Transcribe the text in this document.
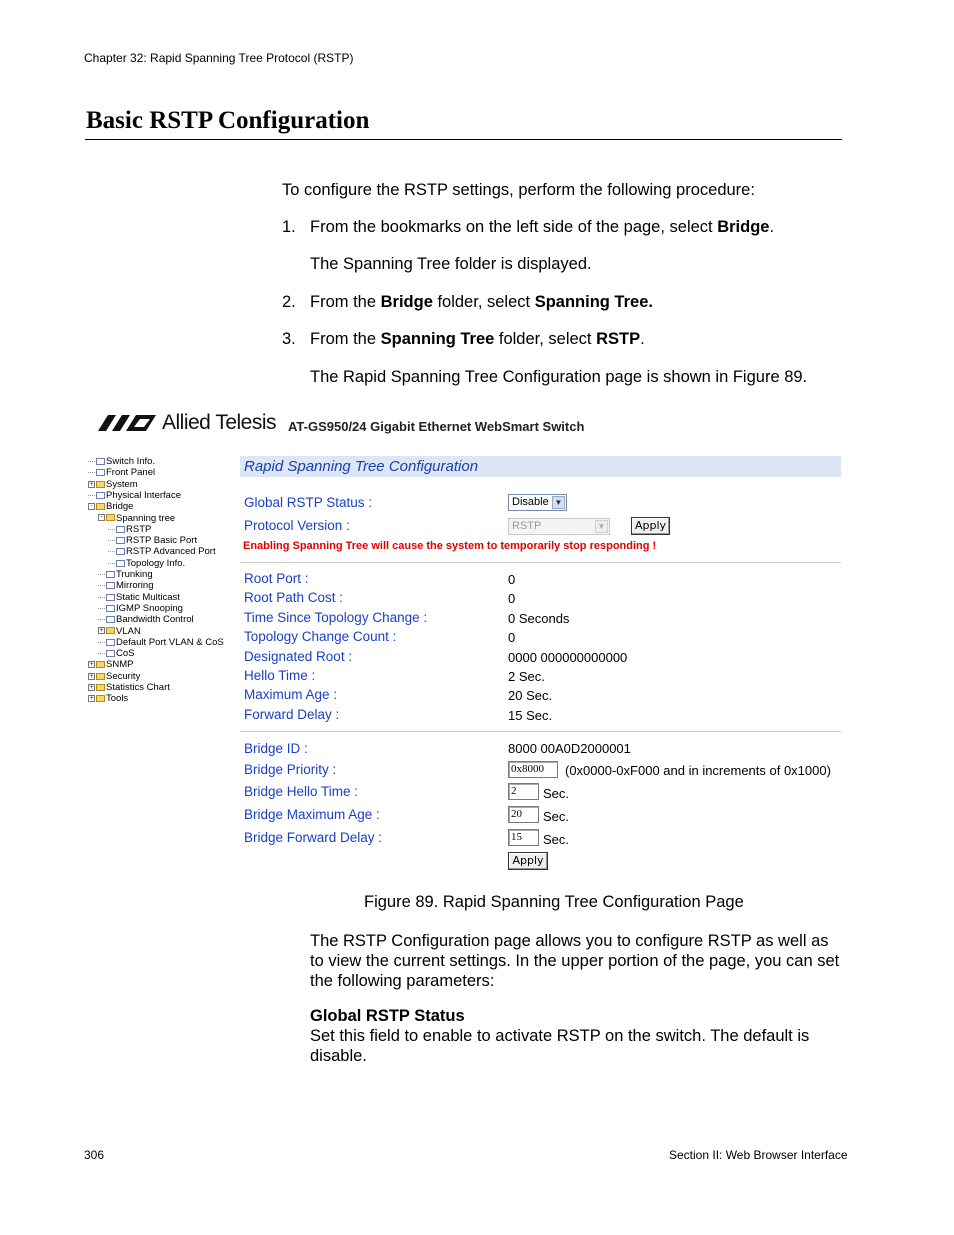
Chapter 32: Rapid Spanning Tree Protocol (RSTP)
Basic RSTP Configuration
To configure the RSTP settings, perform the following procedure:
1. From the bookmarks on the left side of the page, select Bridge.
The Spanning Tree folder is displayed.
2. From the Bridge folder, select Spanning Tree.
3. From the Spanning Tree folder, select RSTP.
The Rapid Spanning Tree Configuration page is shown in Figure 89.
Allied Telesis AT-GS950/24 Gigabit Ethernet WebSmart Switch
Switch Info.
Front Panel
+ System
Physical Interface
- Bridge
- Spanning tree
RSTP
RSTP Basic Port
RSTP Advanced Port
Topology Info.
Trunking
Mirroring
Static Multicast
IGMP Snooping
Bandwidth Control
+ VLAN
Default Port VLAN & CoS
CoS
+ SNMP
+ Security
+ Statistics Chart
+ Tools
Rapid Spanning Tree Configuration
Global RSTP Status :	Disable ▼
Protocol Version :	RSTP	▼	Apply
Enabling Spanning Tree will cause the system to temporarily stop responding !
Root Port :	0
Root Path Cost :	0
Time Since Topology Change :	0 Seconds
Topology Change Count :	0
Designated Root :	0000 000000000000
Hello Time :	2 Sec.
Maximum Age :	20 Sec.
Forward Delay :	15 Sec.
Bridge ID :	8000 00A0D2000001
Bridge Priority :	0x8000	(0x0000-0xF000 and in increments of 0x1000)
Bridge Hello Time :	2	Sec.
Bridge Maximum Age :	20	Sec.
Bridge Forward Delay :	15	Sec.
Apply
Figure 89. Rapid Spanning Tree Configuration Page
The RSTP Configuration page allows you to configure RSTP as well as to view the current settings. In the upper portion of the page, you can set the following parameters:
Global RSTP Status
Set this field to enable to activate RSTP on the switch. The default is disable.
306	Section II: Web Browser Interface
